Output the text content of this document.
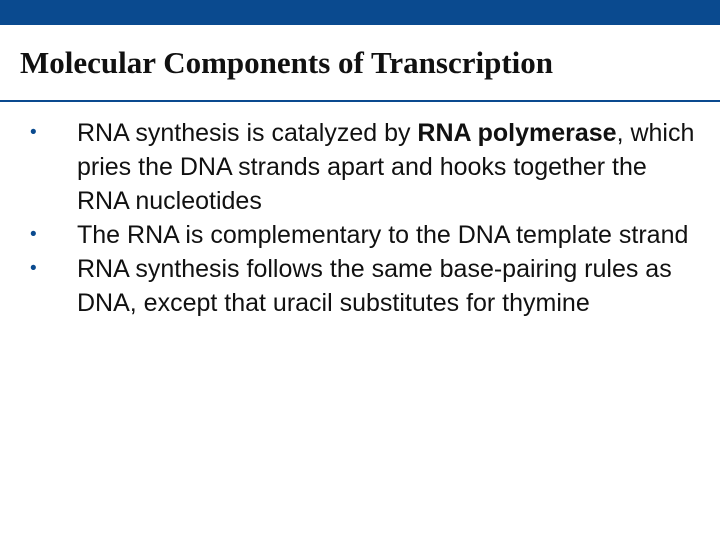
Molecular Components of Transcription
•	RNA synthesis is catalyzed by RNA polymerase, which pries the DNA strands apart and hooks together the RNA nucleotides
•	The RNA is complementary to the DNA template strand
•	RNA synthesis follows the same base-pairing rules as DNA, except that uracil substitutes for thymine
